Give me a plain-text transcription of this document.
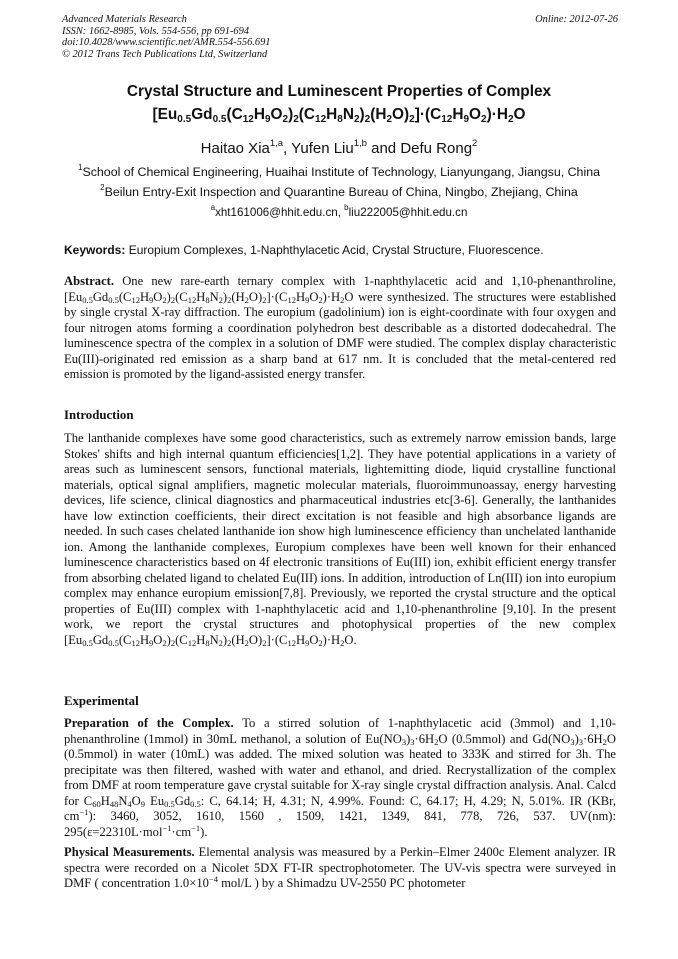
Advanced Materials Research
ISSN: 1662-8985, Vols. 554-556, pp 691-694
doi:10.4028/www.scientific.net/AMR.554-556.691
© 2012 Trans Tech Publications Ltd, Switzerland
Online: 2012-07-26
Crystal Structure and Luminescent Properties of Complex
$[Eu_{0.5}Gd_{0.5}(C_{12}H_9O_2)_2(C_{12}H_8N_2)_2(H_2O)_2]\cdot(C_{12}H_9O_2)\cdot H_2O$
Haitao Xia$^{1,a}$, Yufen Liu$^{1,b}$ and Defu Rong$^2$
$^1$School of Chemical Engineering, Huaihai Institute of Technology, Lianyungang, Jiangsu, China
$^2$Beilun Entry-Exit Inspection and Quarantine Bureau of China, Ningbo, Zhejiang, China
$^a$xht161006@hhit.edu.cn, $^b$liu222005@hhit.edu.cn
Keywords: Europium Complexes, 1-Naphthylacetic Acid, Crystal Structure, Fluorescence.
Abstract. One new rare-earth ternary complex with 1-naphthylacetic acid and 1,10-phenanthroline, $[Eu_{0.5}Gd_{0.5}(C_{12}H_9O_2)_2(C_{12}H_8N_2)_2(H_2O)_2]\cdot(C_{12}H_9O_2)\cdot H_2O$ were synthesized. The structures were established by single crystal X-ray diffraction. The europium (gadolinium) ion is eight-coordinate with four oxygen and four nitrogen atoms forming a coordination polyhedron best describable as a distorted dodecahedral. The luminescence spectra of the complex in a solution of DMF were studied. The complex display characteristic Eu(III)-originated red emission as a sharp band at 617 nm. It is concluded that the metal-centered red emission is promoted by the ligand-assisted energy transfer.
Introduction
The lanthanide complexes have some good characteristics, such as extremely narrow emission bands, large Stokes' shifts and high internal quantum efficiencies[1,2]. They have potential applications in a variety of areas such as luminescent sensors, functional materials, lightemitting diode, liquid crystalline functional materials, optical signal amplifiers, magnetic molecular materials, fluoroimmunoassay, energy harvesting devices, life science, clinical diagnostics and pharmaceutical industries etc[3-6]. Generally, the lanthanides have low extinction coefficients, their direct excitation is not feasible and high absorbance ligands are needed. In such cases chelated lanthanide ion show high luminescence efficiency than unchelated lanthanide ion. Among the lanthanide complexes, Europium complexes have been well known for their enhanced luminescence characteristics based on 4f electronic transitions of Eu(III) ion, exhibit efficient energy transfer from absorbing chelated ligand to chelated Eu(III) ions. In addition, introduction of Ln(III) ion into europium complex may enhance europium emission[7,8]. Previously, we reported the crystal structure and the optical properties of Eu(III) complex with 1-naphthylacetic acid and 1,10-phenanthroline [9,10]. In the present work, we report the crystal structures and photophysical properties of the new complex $[Eu_{0.5}Gd_{0.5}(C_{12}H_9O_2)_2(C_{12}H_8N_2)_2(H_2O)_2]\cdot(C_{12}H_9O_2)\cdot H_2O$.
Experimental
Preparation of the Complex. To a stirred solution of 1-naphthylacetic acid (3mmol) and 1,10-phenanthroline (1mmol) in 30mL methanol, a solution of $Eu(NO_3)_3\cdot 6H_2O$ (0.5mmol) and $Gd(NO_3)_3\cdot 6H_2O$ (0.5mmol) in water (10mL) was added. The mixed solution was heated to 333K and stirred for 3h. The precipitate was then filtered, washed with water and ethanol, and dried. Recrystallization of the complex from DMF at room temperature gave crystal suitable for X-ray single crystal diffraction analysis. Anal. Calcd for $C_{60}H_{48}N_4O_9$ $Eu_{0.5}Gd_{0.5}$: C, 64.14; H, 4.31; N, 4.99%. Found: C, 64.17; H, 4.29; N, 5.01%. IR (KBr, $cm^{-1}$): 3460, 3052, 1610, 1560 , 1509, 1421, 1349, 841, 778, 726, 537. UV(nm): $295(\varepsilon=22310L\cdot mol^{-1}\cdot cm^{-1})$.
Physical Measurements. Elemental analysis was measured by a Perkin–Elmer 2400c Element analyzer. IR spectra were recorded on a Nicolet 5DX FT-IR spectrophotometer. The UV-vis spectra were surveyed in DMF ( concentration $1.0\times 10^{-4}$ mol/L ) by a Shimadzu UV-2550 PC photometer
